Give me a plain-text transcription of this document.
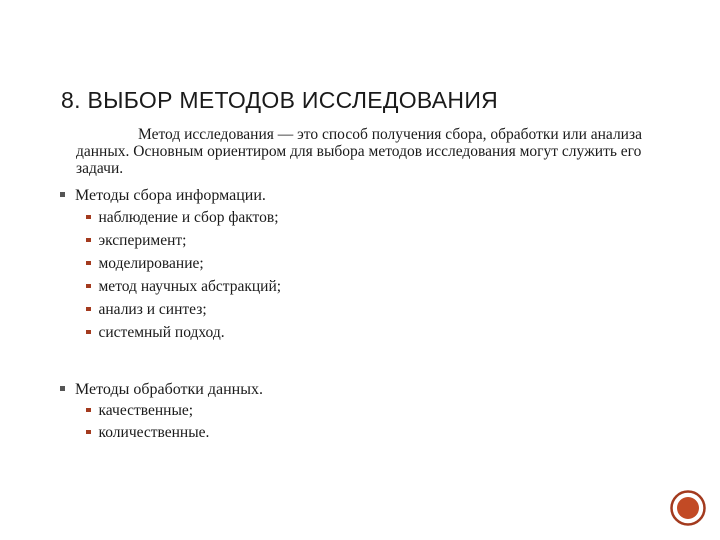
8. ВЫБОР МЕТОДОВ ИССЛЕДОВАНИЯ

Метод исследования — это способ получения сбора, обработки или анализа данных. Основным ориентиром для выбора методов исследования могут служить его задачи.

Методы сбора информации.
наблюдение и сбор фактов;
эксперимент;
моделирование;
метод научных абстракций;
анализ и синтез;
системный подход.
Методы обработки данных.
качественные;
количественные.
